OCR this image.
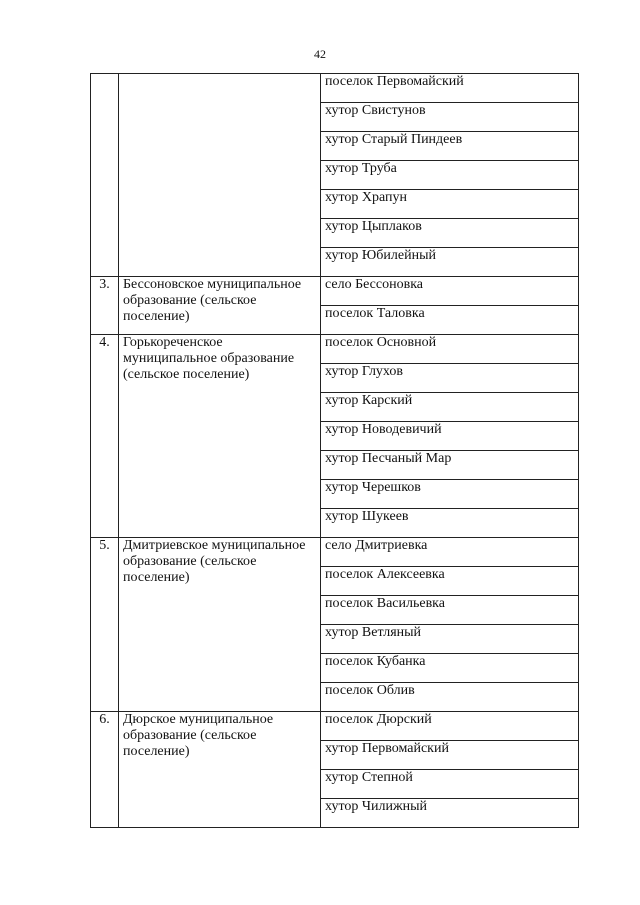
42
		поселок Первомайский
		хутор Свистунов
		хутор Старый Пиндеев
		хутор Труба
		хутор Храпун
		хутор Цыплаков
		хутор Юбилейный
3.	Бессоновское муниципальное образование (сельское поселение)	село Бессоновка
		поселок Таловка
4.	Горькореченское муниципальное образование (сельское поселение)	поселок Основной
		хутор Глухов
		хутор Карский
		хутор Новодевичий
		хутор Песчаный Мар
		хутор Черешков
		хутор Шукеев
5.	Дмитриевское муниципальное образование (сельское поселение)	село Дмитриевка
		поселок Алексеевка
		поселок Васильевка
		хутор Ветляный
		поселок Кубанка
		поселок Облив
6.	Дюрское муниципальное образование (сельское поселение)	поселок Дюрский
		хутор Первомайский
		хутор Степной
		хутор Чилижный
